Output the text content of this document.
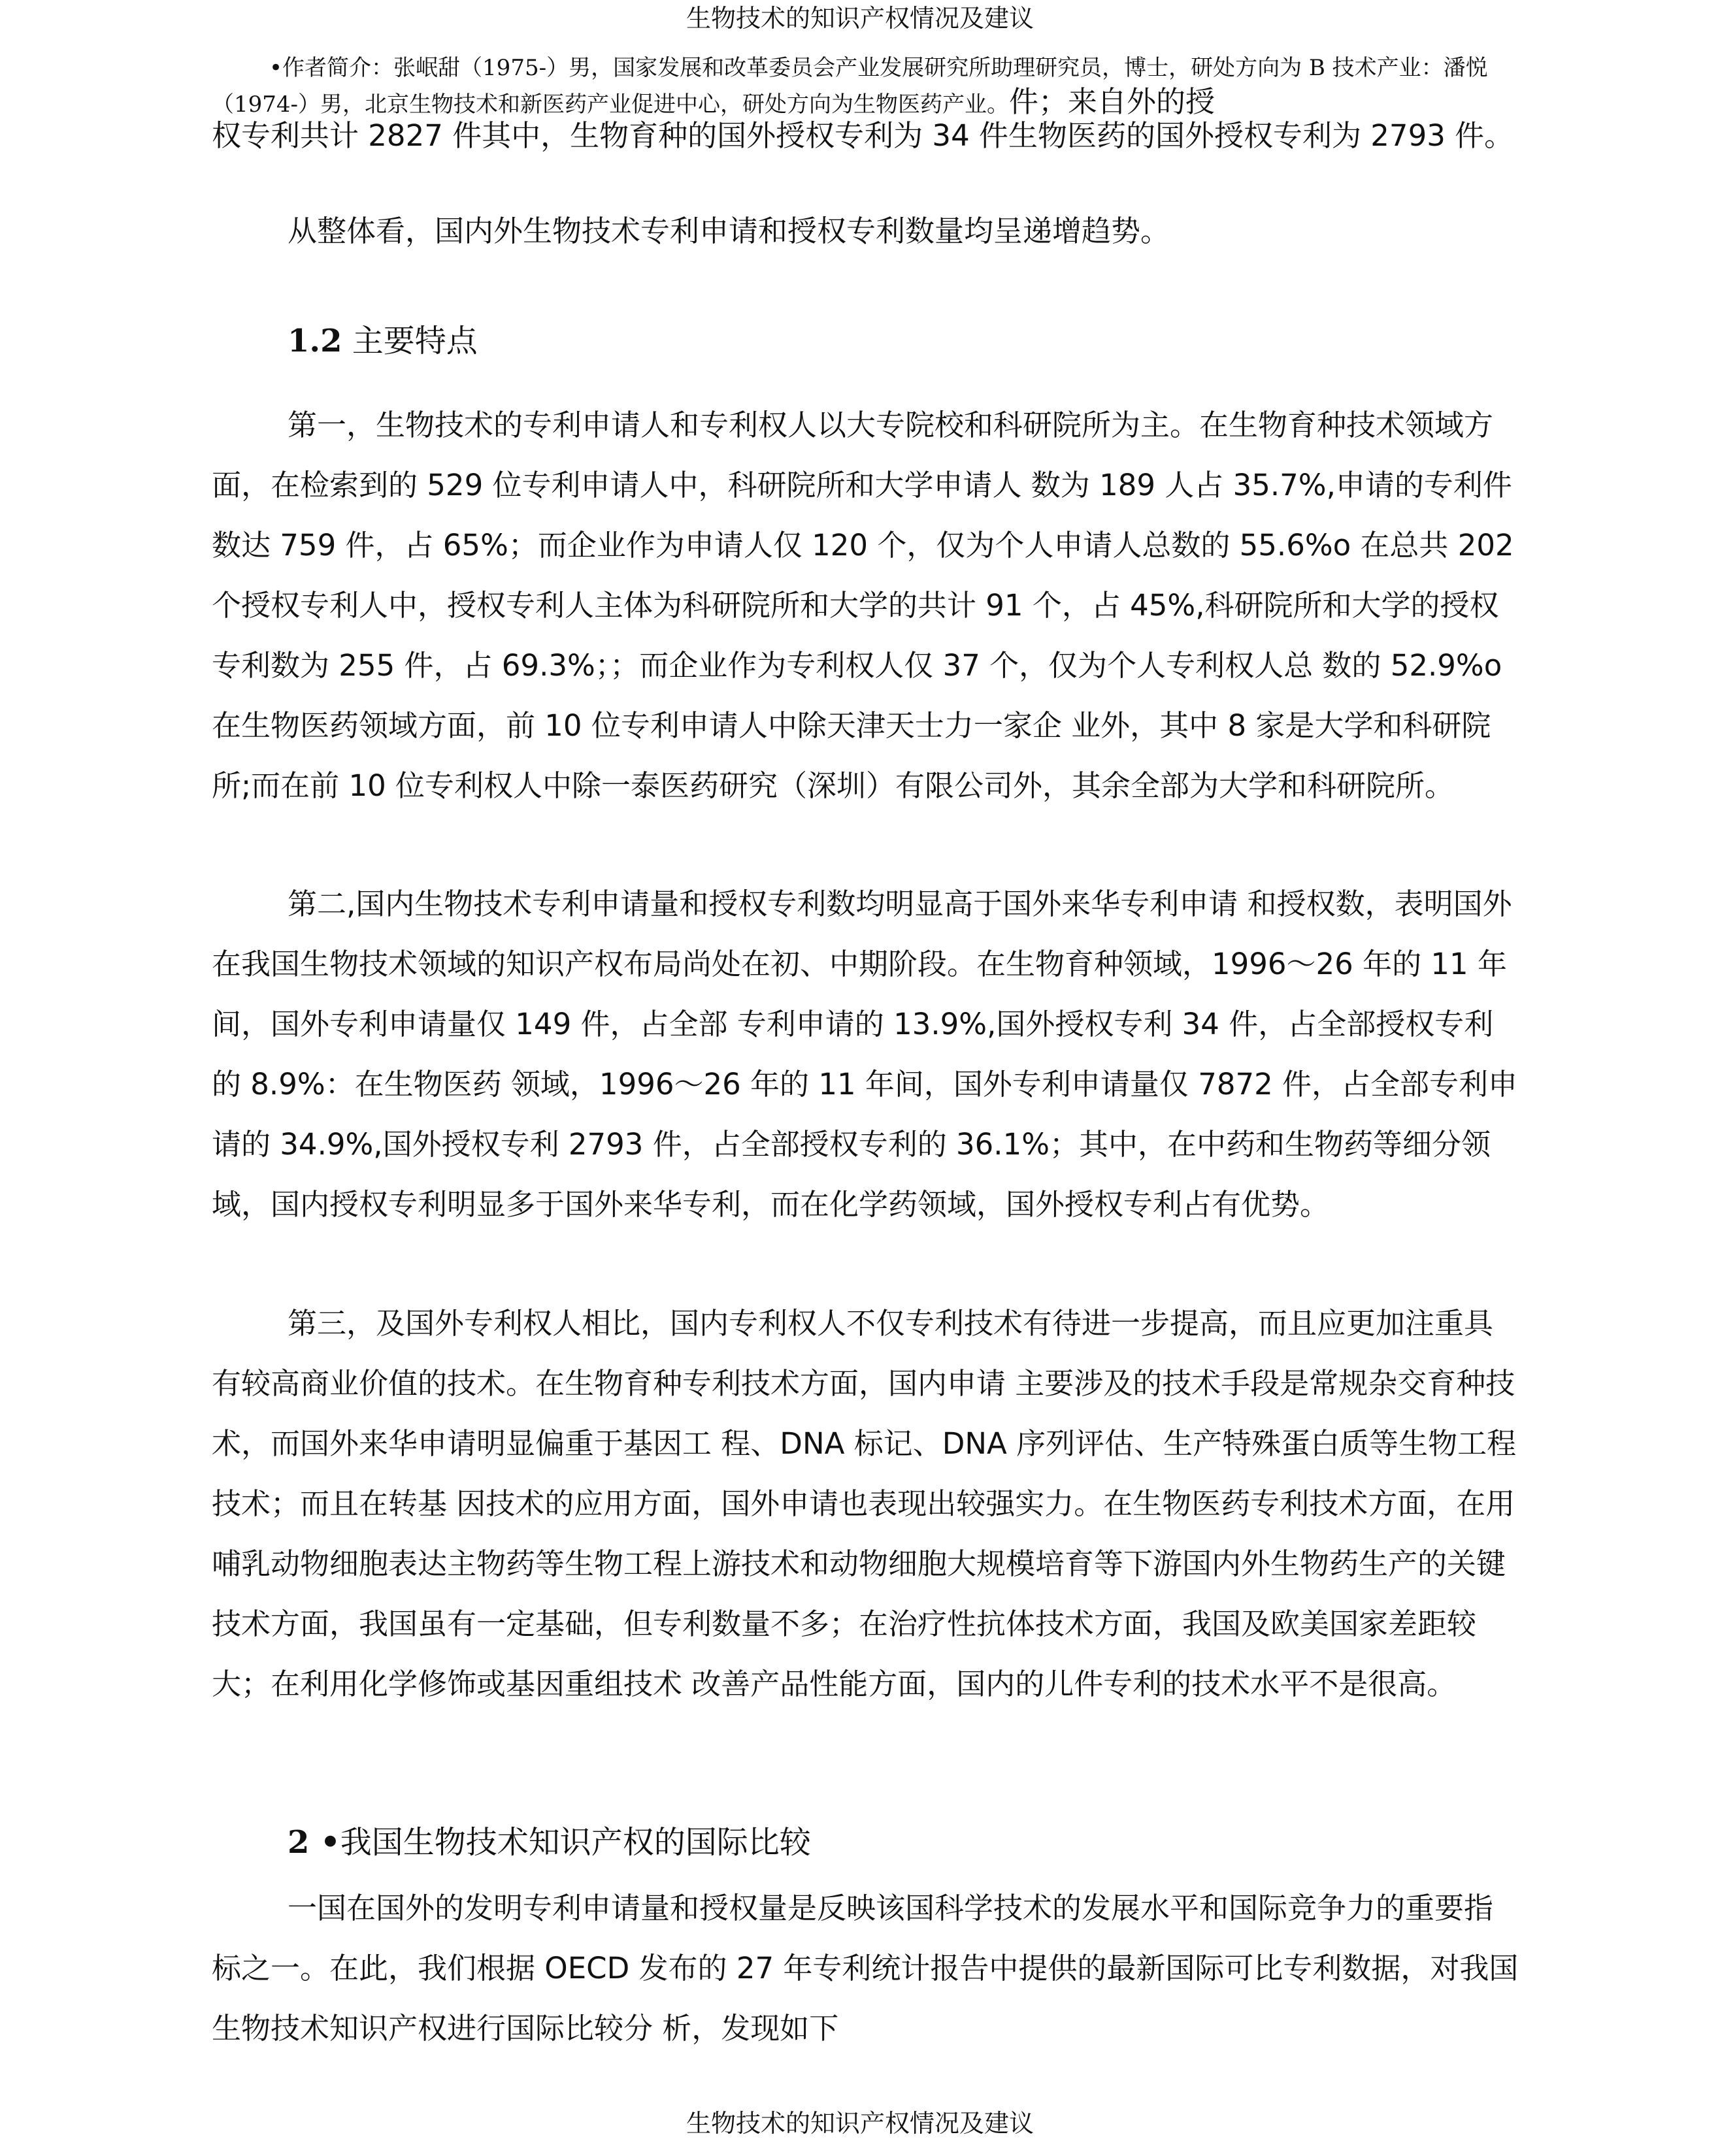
生物技术的知识产权情况及建议
•作者简介：张岷甜（1975-）男，国家发展和改革委员会产业发展研究所助理研究员，博士，研处方向为 B 技术产业：潘悦（1974-）男，北京生物技术和新医药产业促进中心，研处方向为生物医药产业。件；来自外的授
权专利共计 2827 件其中，生物育种的国外授权专利为 34 件生物医药的国外授权专利为 2793 件。

从整体看，国内外生物技术专利申请和授权专利数量均呈递增趋势。

1.2 主要特点

第一，生物技术的专利申请人和专利权人以大专院校和科研院所为主。在生物育种技术领域方面，在检索到的 529 位专利申请人中，科研院所和大学申请人 数为 189 人占 35.7%,申请的专利件数达 759 件，占 65%；而企业作为申请人仅 120 个，仅为个人申请人总数的 55.6%o 在总共 202 个授权专利人中，授权专利人主体为科研院所和大学的共计 91 个，占 45%,科研院所和大学的授权专利数为 255 件，占 69.3%；；而企业作为专利权人仅 37 个，仅为个人专利权人总 数的 52.9%o 在生物医药领域方面，前 10 位专利申请人中除天津天士力一家企 业外，其中 8 家是大学和科研院所;而在前 10 位专利权人中除一泰医药研究（深圳）有限公司外，其余全部为大学和科研院所。

第二,国内生物技术专利申请量和授权专利数均明显高于国外来华专利申请 和授权数，表明国外在我国生物技术领域的知识产权布局尚处在初、中期阶段。在生物育种领域，1996〜26 年的 11 年间，国外专利申请量仅 149 件，占全部 专利申请的 13.9%,国外授权专利 34 件，占全部授权专利的 8.9%：在生物医药 领域，1996〜26 年的 11 年间，国外专利申请量仅 7872 件，占全部专利申请的 34.9%,国外授权专利 2793 件，占全部授权专利的 36.1%；其中，在中药和生物药等细分领域，国内授权专利明显多于国外来华专利，而在化学药领域，国外授权专利占有优势。

第三，及国外专利权人相比，国内专利权人不仅专利技术有待进一步提高，而且应更加注重具有较高商业价值的技术。在生物育种专利技术方面，国内申请 主要涉及的技术手段是常规杂交育种技术，而国外来华申请明显偏重于基因工 程、DNA 标记、DNA 序列评估、生产特殊蛋白质等生物工程技术；而且在转基 因技术的应用方面，国外申请也表现出较强实力。在生物医药专利技术方面，在用哺乳动物细胞表达主物药等生物工程上游技术和动物细胞大规模培育等下游国内外生物药生产的关键技术方面，我国虽有一定基础，但专利数量不多；在治疗性抗体技术方面，我国及欧美国家差距较大；在利用化学修饰或基因重组技术 改善产品性能方面，国内的儿件专利的技术水平不是很高。

2 •我国生物技术知识产权的国际比较

一国在国外的发明专利申请量和授权量是反映该国科学技术的发展水平和国际竞争力的重要指标之一。在此，我们根据 OECD 发布的 27 年专利统计报告中提供的最新国际可比专利数据，对我国生物技术知识产权进行国际比较分 析，发现如下

生物技术的知识产权情况及建议
